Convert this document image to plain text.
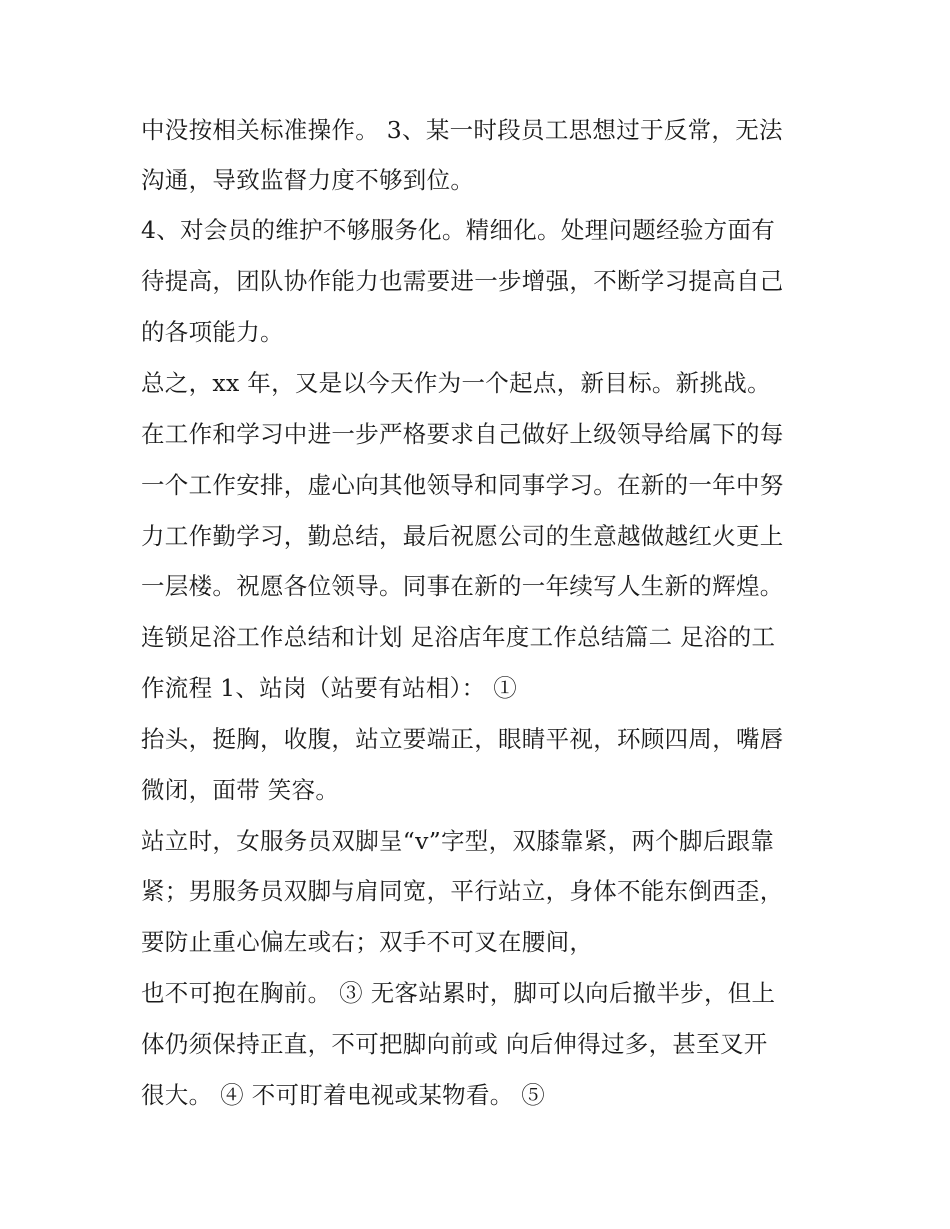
中没按相关标准操作。 3、某一时段员工思想过于反常，无法
沟通，导致监督力度不够到位。
4、对会员的维护不够服务化。精细化。处理问题经验方面有
待提高，团队协作能力也需要进一步增强，不断学习提高自己
的各项能力。
总之，xx 年，又是以今天作为一个起点，新目标。新挑战。
在工作和学习中进一步严格要求自己做好上级领导给属下的每
一个工作安排，虚心向其他领导和同事学习。在新的一年中努
力工作勤学习，勤总结，最后祝愿公司的生意越做越红火更上
一层楼。祝愿各位领导。同事在新的一年续写人生新的辉煌。
连锁足浴工作总结和计划 足浴店年度工作总结篇二 足浴的工
作流程 1、站岗（站要有站相）： ①
抬头，挺胸，收腹，站立要端正，眼睛平视，环顾四周，嘴唇
微闭，面带 笑容。
站立时，女服务员双脚呈“v”字型，双膝靠紧，两个脚后跟靠
紧；男服务员双脚与肩同宽，平行站立，身体不能东倒西歪，
要防止重心偏左或右；双手不可叉在腰间，
也不可抱在胸前。 ③ 无客站累时，脚可以向后撤半步，但上
体仍须保持正直，不可把脚向前或 向后伸得过多，甚至叉开
很大。 ④ 不可盯着电视或某物看。 ⑤
